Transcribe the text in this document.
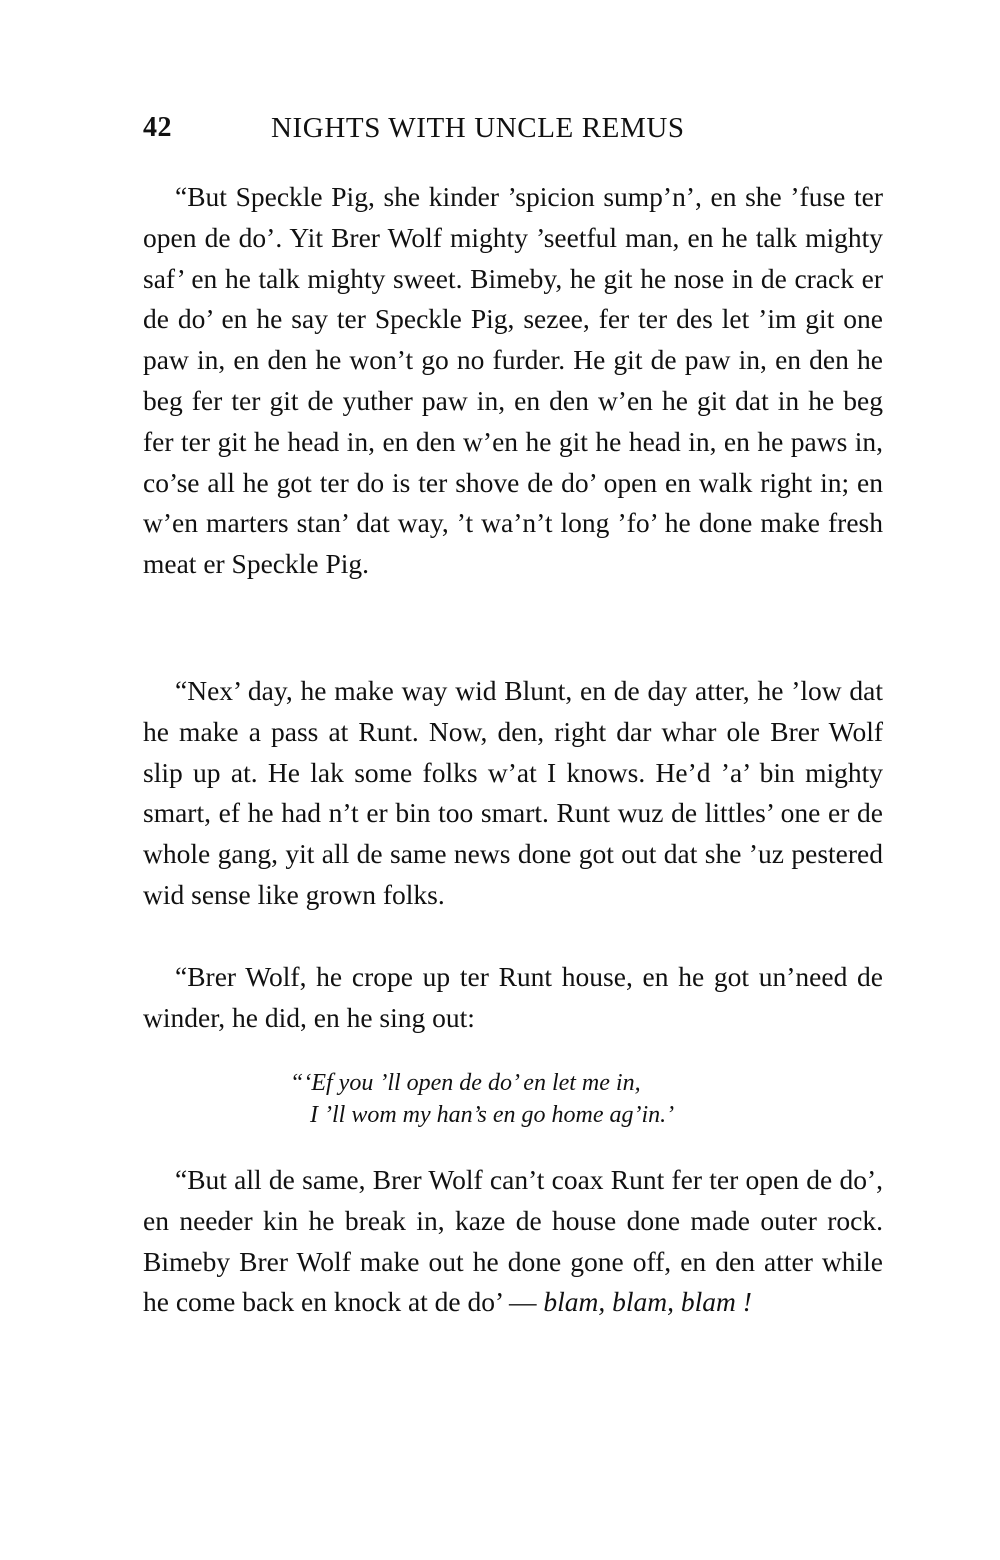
42	NIGHTS WITH UNCLE REMUS

“But Speckle Pig, she kinder ’spicion sump’n’, en she ’fuse ter open de do’. Yit Brer Wolf mighty ’seetful man, en he talk mighty saf’ en he talk mighty sweet. Bimeby, he git he nose in de crack er de do’ en he say ter Speckle Pig, sezee, fer ter des let ’im git one paw in, en den he won’t go no furder. He git de paw in, en den he beg fer ter git de yuther paw in, en den w’en he git dat in he beg fer ter git he head in, en den w’en he git he head in, en he paws in, co’se all he got ter do is ter shove de do’ open en walk right in; en w’en marters stan’ dat way, ’t wa’n’t long ’fo’ he done make fresh meat er Speckle Pig.

“Nex’ day, he make way wid Blunt, en de day atter, he ’low dat he make a pass at Runt. Now, den, right dar whar ole Brer Wolf slip up at. He lak some folks w’at I knows. He’d ’a’ bin mighty smart, ef he had n’t er bin too smart. Runt wuz de littles’ one er de whole gang, yit all de same news done got out dat she ’uz pestered wid sense like grown folks.

“Brer Wolf, he crope up ter Runt house, en he got un’need de winder, he did, en he sing out:

“‘Ef you ’ll open de do’ en let me in,
I ’ll wom my han’s en go home ag’in.’

“But all de same, Brer Wolf can’t coax Runt fer ter open de do’, en needer kin he break in, kaze de house done made outer rock. Bimeby Brer Wolf make out he done gone off, en den atter while he come back en knock at de do’ — blam, blam, blam !
